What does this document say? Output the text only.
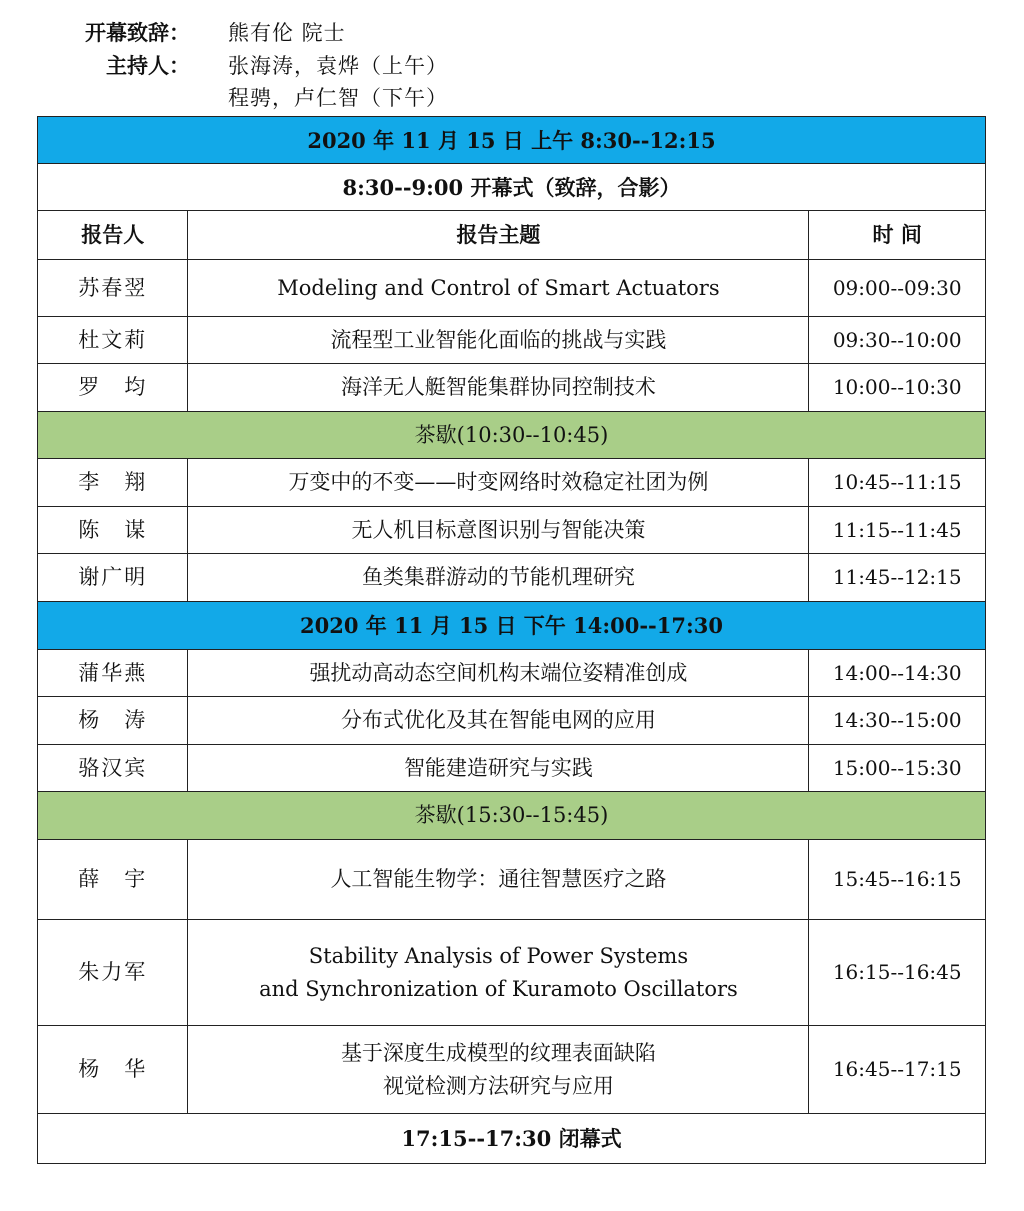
开幕致辞： 熊有伦 院士
主持人： 张海涛，袁烨（上午）
程骋，卢仁智（下午）
2020 年 11 月 15 日 上午 8:30--12:15		
8:30--9:00 开幕式（致辞，合影）		
报告人	报告主题	时 间
苏春翌	Modeling and Control of Smart Actuators	09:00--09:30
杜文莉	流程型工业智能化面临的挑战与实践	09:30--10:00
罗　均	海洋无人艇智能集群协同控制技术	10:00--10:30
茶歇(10:30--10:45)		
李　翔	万变中的不变——时变网络时效稳定社团为例	10:45--11:15
陈　谋	无人机目标意图识别与智能决策	11:15--11:45
谢广明	鱼类集群游动的节能机理研究	11:45--12:15
2020 年 11 月 15 日 下午 14:00--17:30		
蒲华燕	强扰动高动态空间机构末端位姿精准创成	14:00--14:30
杨　涛	分布式优化及其在智能电网的应用	14:30--15:00
骆汉宾	智能建造研究与实践	15:00--15:30
茶歇(15:30--15:45)		
薛　宇	人工智能生物学：通往智慧医疗之路	15:45--16:15
朱力军	Stability Analysis of Power Systems
and Synchronization of Kuramoto Oscillators	16:15--16:45
杨　华	基于深度生成模型的纹理表面缺陷
视觉检测方法研究与应用	16:45--17:15
17:15--17:30 闭幕式		
